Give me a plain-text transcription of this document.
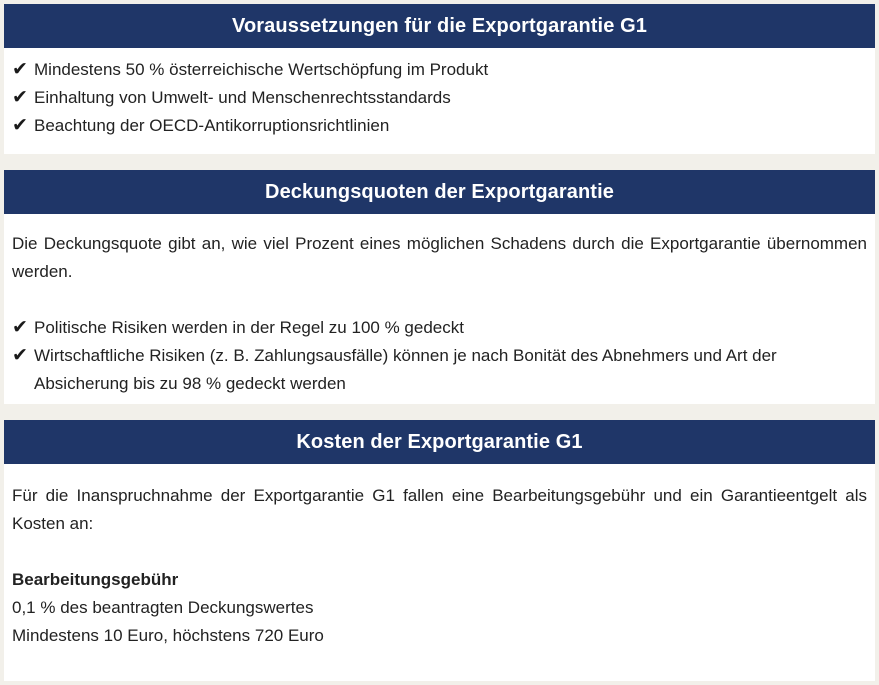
Voraussetzungen für die Exportgarantie G1
✔ Mindestens 50 % österreichische Wertschöpfung im Produkt
✔ Einhaltung von Umwelt- und Menschenrechtsstandards
✔ Beachtung der OECD-Antikorruptionsrichtlinien
Deckungsquoten der Exportgarantie
Die Deckungsquote gibt an, wie viel Prozent eines möglichen Schadens durch die Exportgarantie übernommen werden.
✔ Politische Risiken werden in der Regel zu 100 % gedeckt
✔ Wirtschaftliche Risiken (z. B. Zahlungsausfälle) können je nach Bonität des Abnehmers und Art der Absicherung bis zu 98 % gedeckt werden
Kosten der Exportgarantie G1
Für die Inanspruchnahme der Exportgarantie G1 fallen eine Bearbeitungsgebühr und ein Garantieentgelt als Kosten an:
Bearbeitungsgebühr
0,1 % des beantragten Deckungswertes
Mindestens 10 Euro, höchstens 720 Euro
